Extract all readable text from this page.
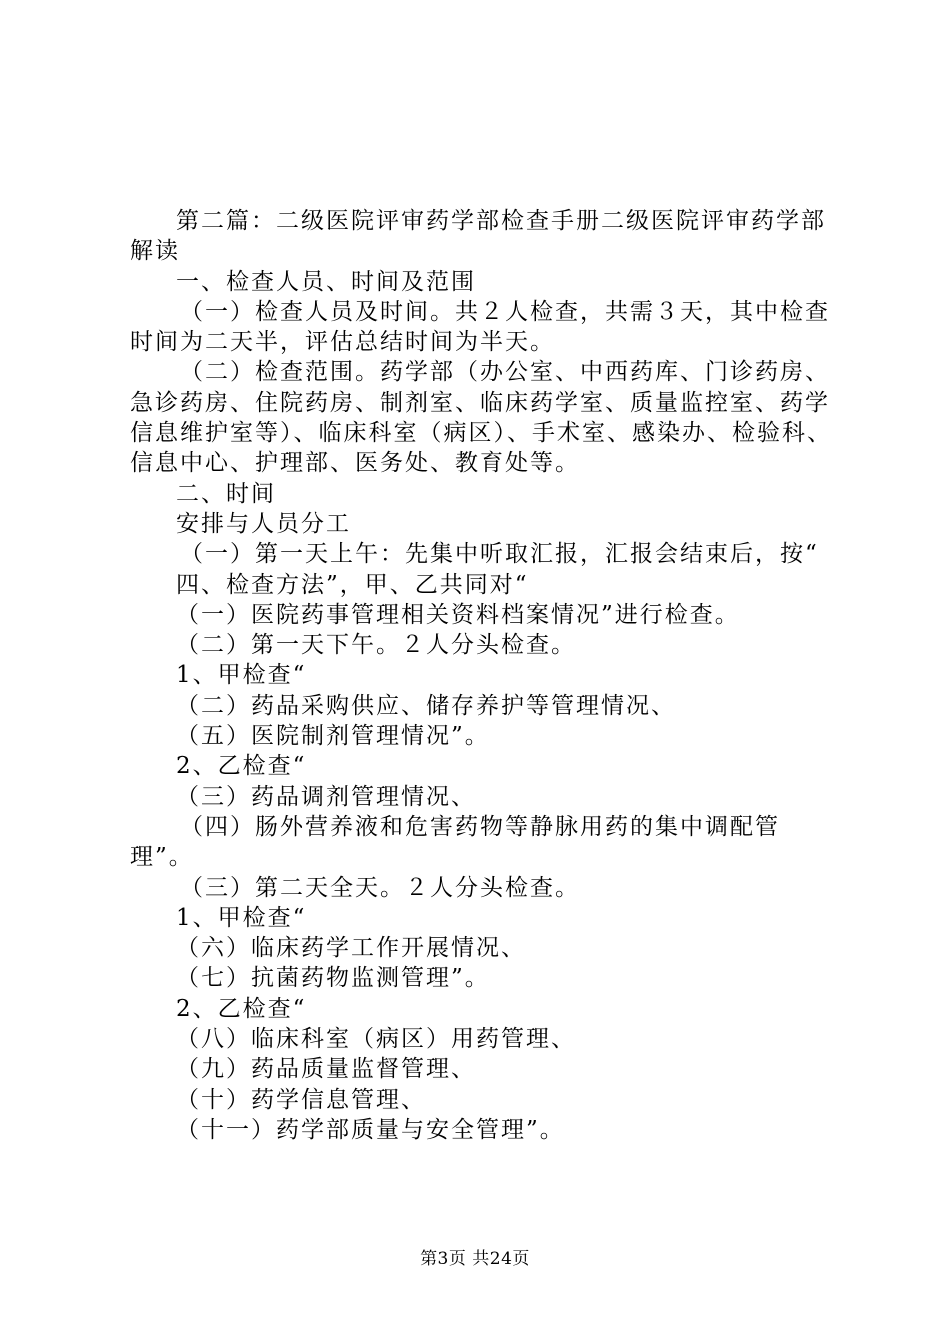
第二篇：二级医院评审药学部检查手册二级医院评审药学部解读

一、检查人员、时间及范围

（一）检查人员及时间。共２人检查，共需３天，其中检查时间为二天半，评估总结时间为半天。

（二）检查范围。药学部（办公室、中西药库、门诊药房、急诊药房、住院药房、制剂室、临床药学室、质量监控室、药学信息维护室等）、临床科室（病区）、手术室、感染办、检验科、信息中心、护理部、医务处、教育处等。

二、时间

安排与人员分工

（一）第一天上午：先集中听取汇报，汇报会结束后，按“

四、检查方法”，甲、乙共同对“

（一）医院药事管理相关资料档案情况”进行检查。

（二）第一天下午。２人分头检查。

1、甲检查“

（二）药品采购供应、储存养护等管理情况、

（五）医院制剂管理情况”。

2、乙检查“

（三）药品调剂管理情况、

（四）肠外营养液和危害药物等静脉用药的集中调配管理”。

（三）第二天全天。２人分头检查。

1、甲检查“

（六）临床药学工作开展情况、

（七）抗菌药物监测管理”。

2、乙检查“

（八）临床科室（病区）用药管理、

（九）药品质量监督管理、

（十）药学信息管理、

（十一）药学部质量与安全管理”。

第3页 共24页
